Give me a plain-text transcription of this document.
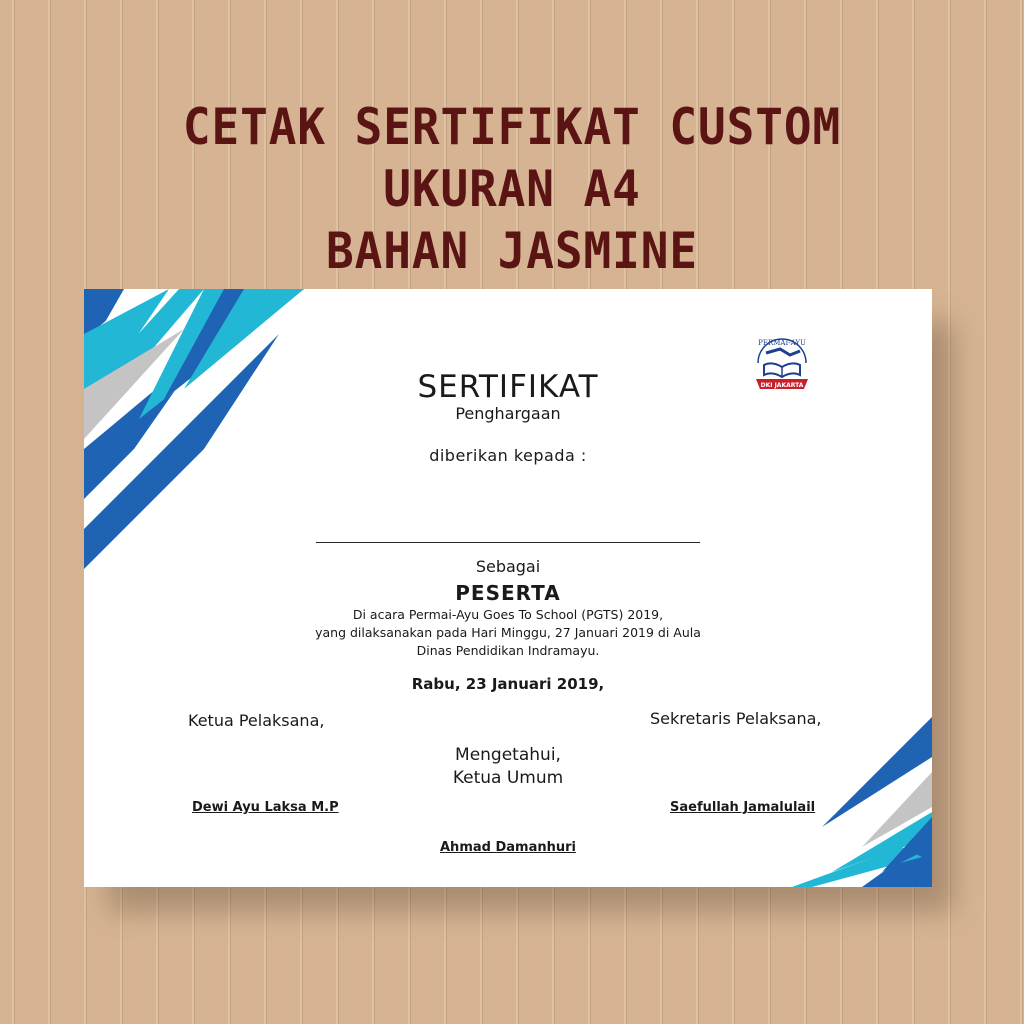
CETAK SERTIFIKAT CUSTOM
UKURAN A4
BAHAN JASMINE
PERMAI-AYU
DKI JAKARTA
SERTIFIKAT
Penghargaan
diberikan kepada :
Sebagai
PESERTA
Di acara Permai-Ayu Goes To School (PGTS) 2019,
yang dilaksanakan pada Hari Minggu, 27 Januari 2019 di Aula
Dinas Pendidikan Indramayu.
Rabu, 23 Januari 2019,
Ketua Pelaksana,	Sekretaris Pelaksana,
Mengetahui,
Ketua Umum
Dewi Ayu Laksa M.P	Saefullah Jamalulail
Ahmad Damanhuri
